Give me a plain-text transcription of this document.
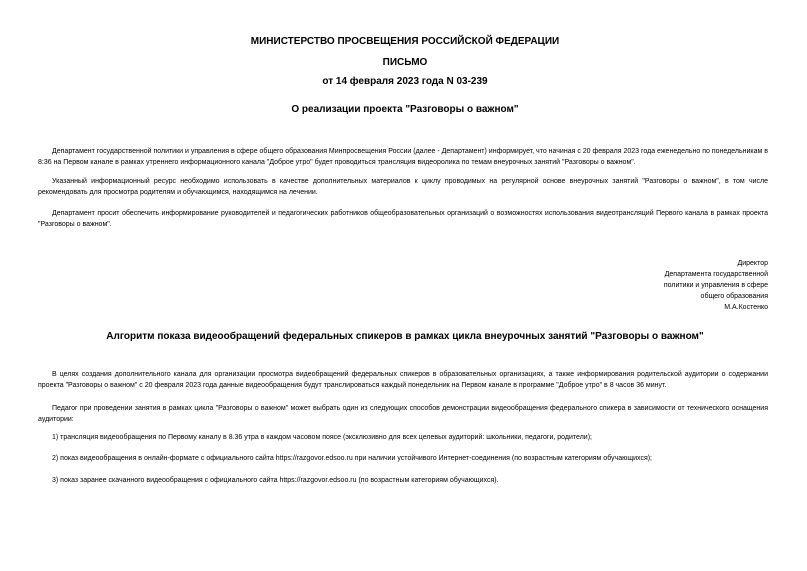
МИНИСТЕРСТВО ПРОСВЕЩЕНИЯ РОССИЙСКОЙ ФЕДЕРАЦИИ
ПИСЬМО
от 14 февраля 2023 года N 03-239
О реализации проекта "Разговоры о важном"

Департамент государственной политики и управления в сфере общего образования Минпросвещения России (далее - Департамент) информирует, что начиная с 20 февраля 2023 года еженедельно по понедельникам в 8:36 на Первом канале в рамках утреннего информационного канала "Доброе утро" будет проводиться трансляция видеоролика по темам внеурочных занятий "Разговоры о важном".

Указанный информационный ресурс необходимо использовать в качестве дополнительных материалов к циклу проводимых на регулярной основе внеурочных занятий "Разговоры о важном", в том числе рекомендовать для просмотра родителям и обучающимся, находящимся на лечении.

Департамент просит обеспечить информирование руководителей и педагогических работников общеобразовательных организаций о возможностях использования видеотрансляций Первого канала в рамках проекта "Разговоры о важном".

Директор
Департамента государственной
политики и управления в сфере
общего образования
М.А.Костенко
Алгоритм показа видеообращений федеральных спикеров в рамках цикла внеурочных занятий "Разговоры о важном"

В целях создания дополнительного канала для организации просмотра видеобращений федеральных спикеров в образовательных организациях, а также информирования родительской аудитории о содержании проекта "Разговоры о важном" с 20 февраля 2023 года данные видеообращения будут транслироваться каждый понедельник на Первом канале в программе "Доброе утро" в 8 часов 36 минут.

Педагог при проведении занятия в рамках цикла "Разговоры о важном" может выбрать один из следующих способов демонстрации видеообращения федерального спикера в зависимости от технического оснащения аудитории:

1) трансляция видеообращения по Первому каналу в 8.36 утра в каждом часовом поясе (эксклюзивно для всех целевых аудиторий: школьники, педагоги, родители);

2) показ видеообращения в онлайн-формате с официального сайта https://razgovor.edsoo.ru при наличии устойчивого Интернет-соединения (по возрастным категориям обучающихся);

3) показ заранее скачанного видеообращения с официального сайта https://razgovor.edsoo.ru (по возрастным категориям обучающихся).
